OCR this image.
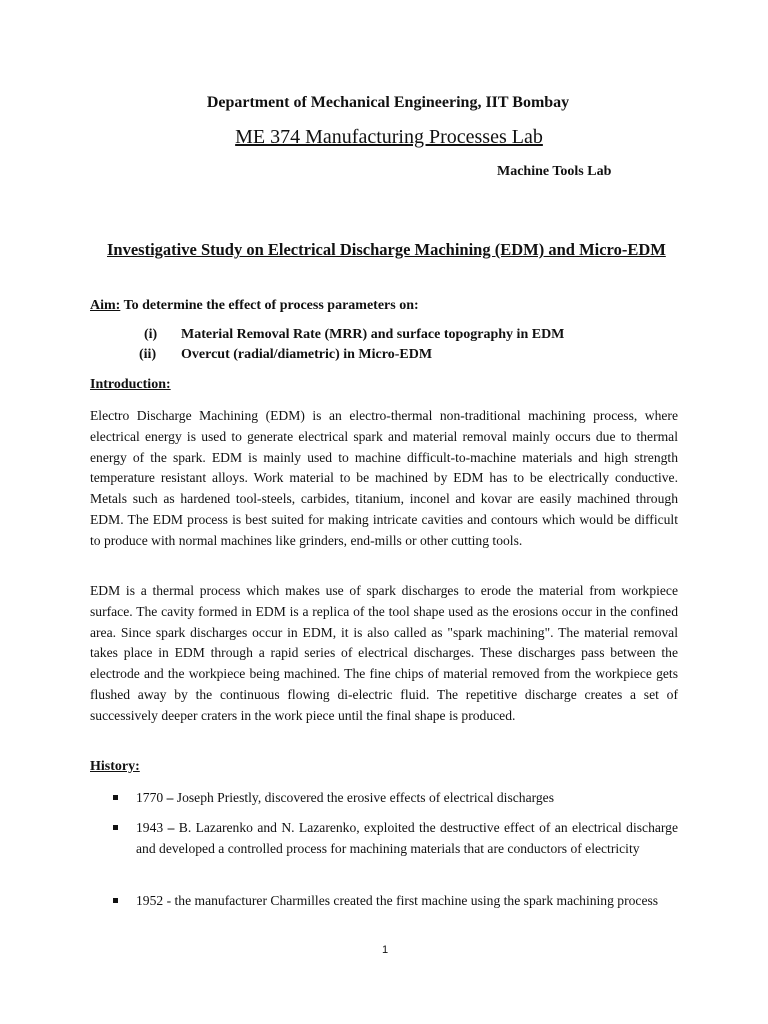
Department of Mechanical Engineering, IIT Bombay
ME 374 Manufacturing Processes Lab
Machine Tools Lab
Investigative Study on Electrical Discharge Machining (EDM) and Micro-EDM
Aim: To determine the effect of process parameters on:
(i) Material Removal Rate (MRR) and surface topography in EDM
(ii) Overcut (radial/diametric) in Micro-EDM
Introduction:

Electro Discharge Machining (EDM) is an electro-thermal non-traditional machining process, where electrical energy is used to generate electrical spark and material removal mainly occurs due to thermal energy of the spark. EDM is mainly used to machine difficult-to-machine materials and high strength temperature resistant alloys. Work material to be machined by EDM has to be electrically conductive. Metals such as hardened tool-steels, carbides, titanium, inconel and kovar are easily machined through EDM. The EDM process is best suited for making intricate cavities and contours which would be difficult to produce with normal machines like grinders, end-mills or other cutting tools.

EDM is a thermal process which makes use of spark discharges to erode the material from workpiece surface. The cavity formed in EDM is a replica of the tool shape used as the erosions occur in the confined area. Since spark discharges occur in EDM, it is also called as "spark machining". The material removal takes place in EDM through a rapid series of electrical discharges. These discharges pass between the electrode and the workpiece being machined. The fine chips of material removed from the workpiece gets flushed away by the continuous flowing di-electric fluid. The repetitive discharge creates a set of successively deeper craters in the work piece until the final shape is produced.

History:
1770 – Joseph Priestly, discovered the erosive effects of electrical discharges
1943 – B. Lazarenko and N. Lazarenko, exploited the destructive effect of an electrical discharge and developed a controlled process for machining materials that are conductors of electricity
1952 - the manufacturer Charmilles created the first machine using the spark machining process
1
